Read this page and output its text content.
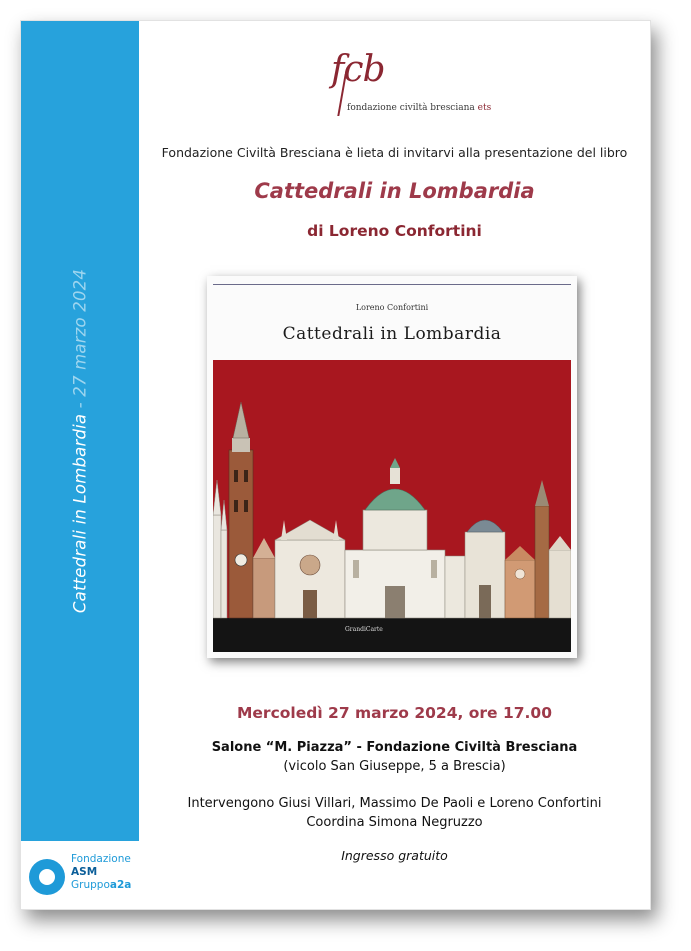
Cattedrali in Lombardia - 27 marzo 2024
Fondazione
ASM
Gruppoa2a
fcb
fondazione civiltà bresciana ets
Fondazione Civiltà Bresciana è lieta di invitarvi alla presentazione del libro
Cattedrali in Lombardia
di Loreno Confortini
Loreno Confortini
Cattedrali in Lombardia
GrandiCarte
Mercoledì 27 marzo 2024, ore 17.00
Salone “M. Piazza” - Fondazione Civiltà Bresciana
(vicolo San Giuseppe, 5 a Brescia)
Intervengono Giusi Villari, Massimo De Paoli e Loreno Confortini
Coordina Simona Negruzzo
Ingresso gratuito
